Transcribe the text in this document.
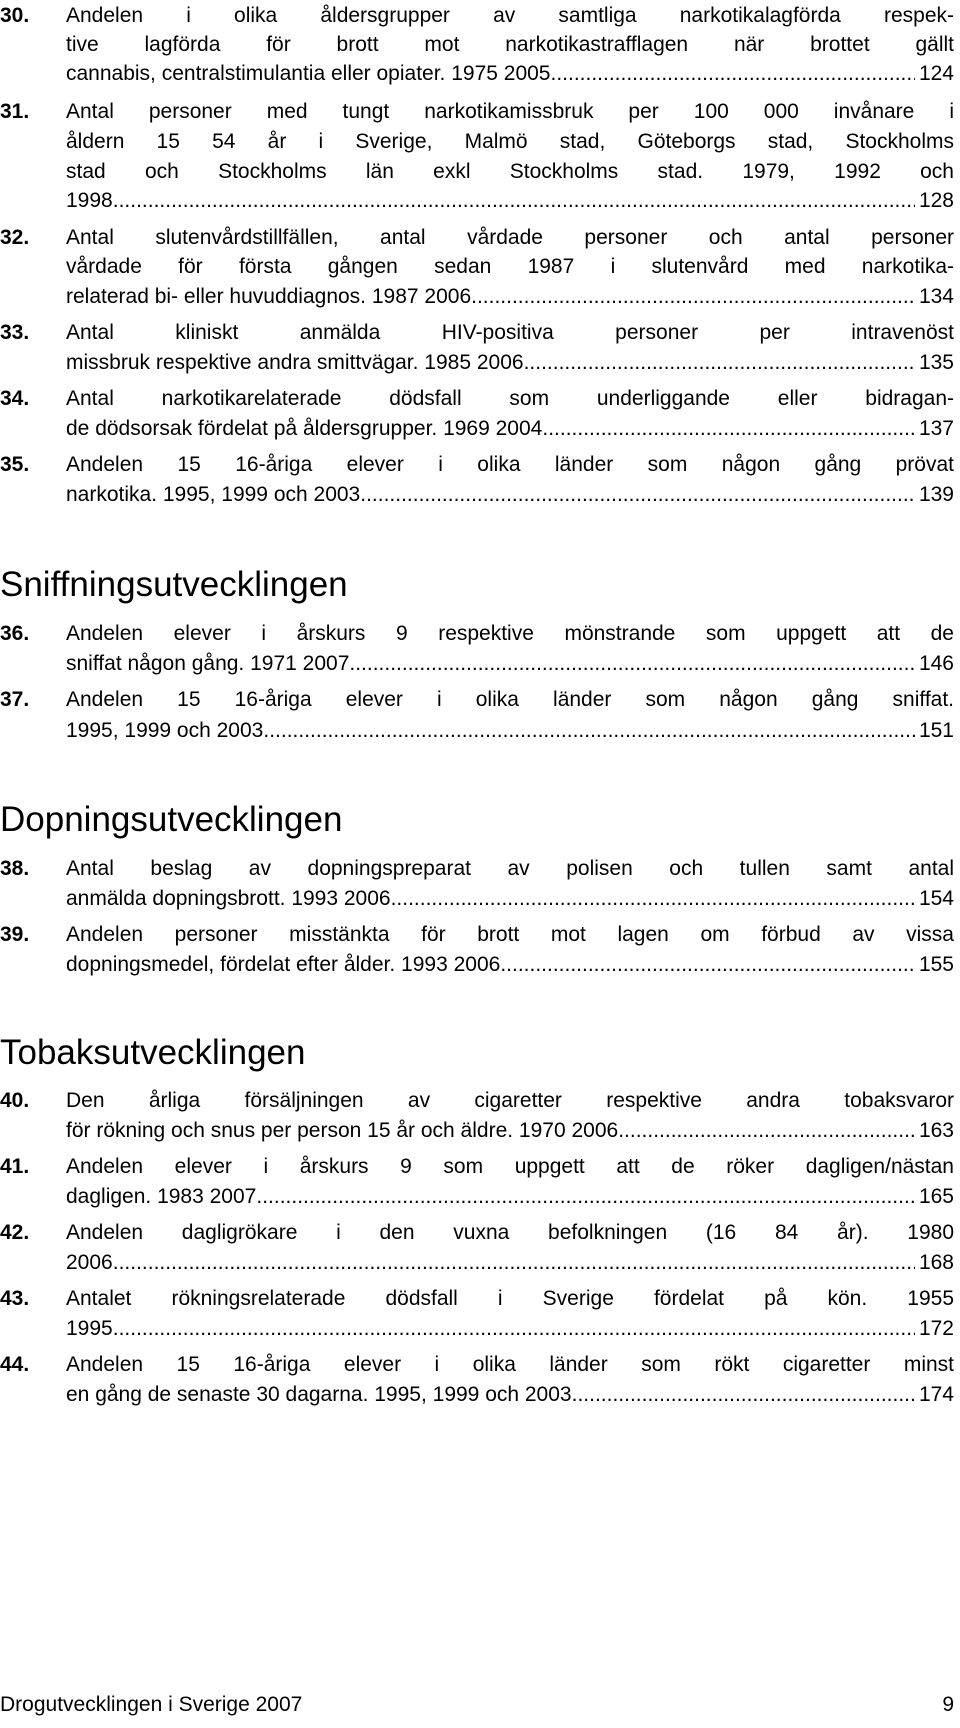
30. Andelen i olika åldersgrupper av samtliga narkotikalagförda respek-
tive lagförda för brott mot narkotikastrafflagen när brottet gällt
cannabis, centralstimulantia eller opiater. 1975 2005. .....	124
31. Antal personer med tungt narkotikamissbruk per 100 000 invånare i
åldern 15 54 år i Sverige, Malmö stad, Göteborgs stad, Stockholms
stad och Stockholms län exkl Stockholms stad. 1979, 1992 och
1998. .....	128
32. Antal slutenvårdstillfällen, antal vårdade personer och antal personer
vårdade för första gången sedan 1987 i slutenvård med narkotika-
relaterad bi- eller huvuddiagnos. 1987 2006. .....	134
33. Antal kliniskt anmälda HIV-positiva personer per intravenöst
missbruk respektive andra smittvägar. 1985 2006. .....	135
34. Antal narkotikarelaterade dödsfall som underliggande eller bidragan-
de dödsorsak fördelat på åldersgrupper. 1969 2004. .....	137
35. Andelen 15 16-åriga elever i olika länder som någon gång prövat
narkotika. 1995, 1999 och 2003. .....	139
Sniffningsutvecklingen
36. Andelen elever i årskurs 9 respektive mönstrande som uppgett att de
sniffat någon gång. 1971 2007. .....	146
37. Andelen 15 16-åriga elever i olika länder som någon gång sniffat.
1995, 1999 och 2003. .....	151
Dopningsutvecklingen
38. Antal beslag av dopningspreparat av polisen och tullen samt antal
anmälda dopningsbrott. 1993 2006. .....	154
39. Andelen personer misstänkta för brott mot lagen om förbud av vissa
dopningsmedel, fördelat efter ålder. 1993 2006. .....	155
Tobaksutvecklingen
40. Den årliga försäljningen av cigaretter respektive andra tobaksvaror
för rökning och snus per person 15 år och äldre. 1970 2006. .....	163
41. Andelen elever i årskurs 9 som uppgett att de röker dagligen/nästan
dagligen. 1983 2007. .....	165
42. Andelen dagligrökare i den vuxna befolkningen (16 84 år). 1980
2006. .....	168
43. Antalet rökningsrelaterade dödsfall i Sverige fördelat på kön. 1955
1995. .....	172
44. Andelen 15 16-åriga elever i olika länder som rökt cigaretter minst
en gång de senaste 30 dagarna. 1995, 1999 och 2003. .....	174
Drogutvecklingen i Sverige 2007	9
